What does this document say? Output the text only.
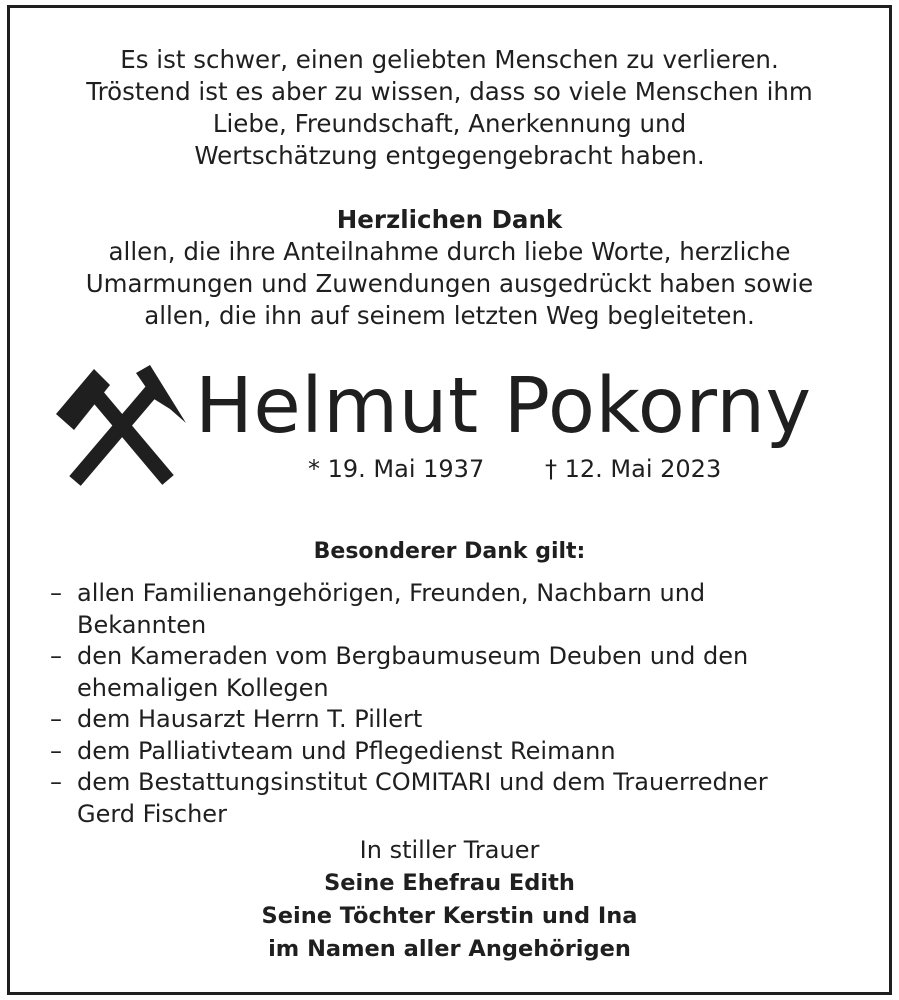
Es ist schwer, einen geliebten Menschen zu verlieren.
Tröstend ist es aber zu wissen, dass so viele Menschen ihm
Liebe, Freundschaft, Anerkennung und
Wertschätzung entgegengebracht haben.
Herzlichen Dank
allen, die ihre Anteilnahme durch liebe Worte, herzliche
Umarmungen und Zuwendungen ausgedrückt haben sowie
allen, die ihn auf seinem letzten Weg begleiteten.
Helmut Pokorny
* 19. Mai 1937	† 12. Mai 2023
Besonderer Dank gilt:
– allen Familienangehörigen, Freunden, Nachbarn und
Bekannten
– den Kameraden vom Bergbaumuseum Deuben und den
ehemaligen Kollegen
– dem Hausarzt Herrn T. Pillert
– dem Palliativteam und Pflegedienst Reimann
– dem Bestattungsinstitut COMITARI und dem Trauerredner
Gerd Fischer
In stiller Trauer
Seine Ehefrau Edith
Seine Töchter Kerstin und Ina
im Namen aller Angehörigen
